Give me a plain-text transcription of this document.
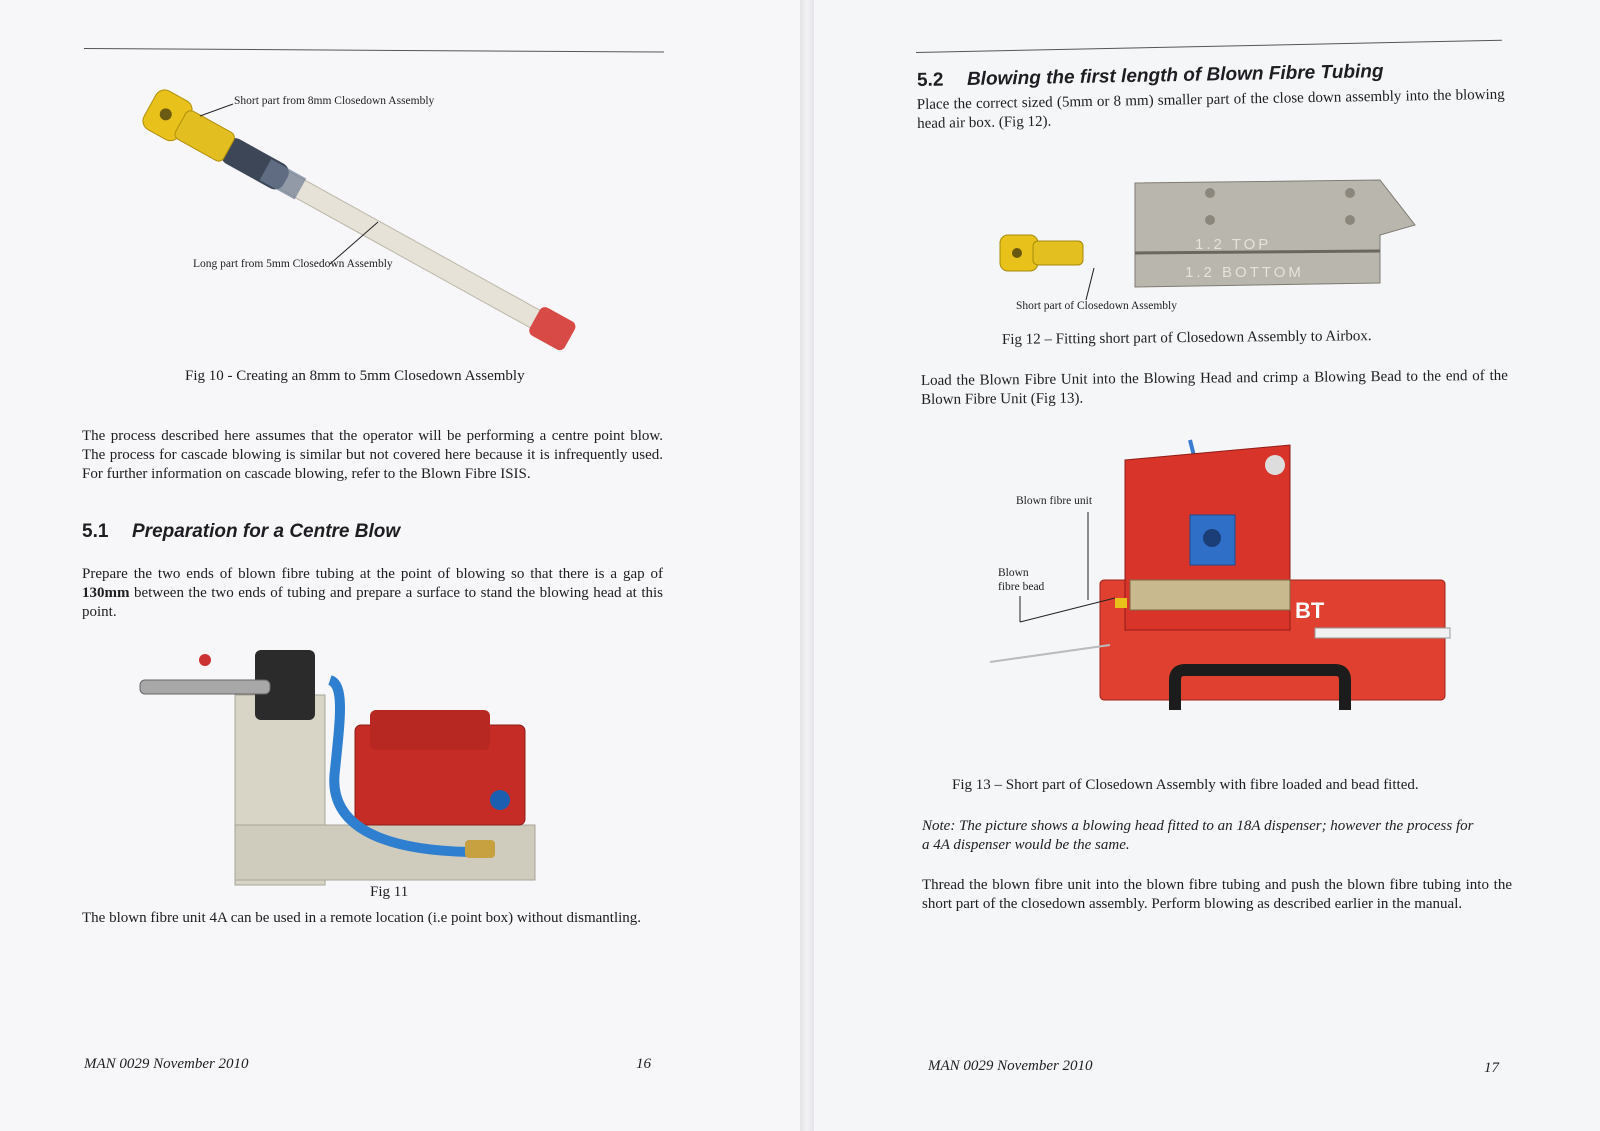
Short part from 8mm Closedown Assembly
Long part from 5mm Closedown Assembly
Fig 10 - Creating an 8mm to 5mm Closedown Assembly

The process described here assumes that the operator will be performing a centre point blow. The process for cascade blowing is similar but not covered here because it is infrequently used. For further information on cascade blowing, refer to the Blown Fibre ISIS.

5.1 Preparation for a Centre Blow

Prepare the two ends of blown fibre tubing at the point of blowing so that there is a gap of 130mm between the two ends of tubing and prepare a surface to stand the blowing head at this point.

Fig 11

The blown fibre unit 4A can be used in a remote location (i.e point box) without dismantling.

MAN 0029 November 2010	16
5.2 Blowing the first length of Blown Fibre Tubing

Place the correct sized (5mm or 8 mm) smaller part of the close down assembly into the blowing head air box. (Fig 12).

1.2 TOP
1.2 BOTTOM
Short part of Closedown Assembly
Fig 12 – Fitting short part of Closedown Assembly to Airbox.

Load the Blown Fibre Unit into the Blowing Head and crimp a Blowing Bead to the end of the Blown Fibre Unit (Fig 13).

BT
Blown fibre unit
Blown
fibre bead
Fig 13 – Short part of Closedown Assembly with fibre loaded and bead fitted.

Note: The picture shows a blowing head fitted to an 18A dispenser; however the process for a 4A dispenser would be the same.

Thread the blown fibre unit into the blown fibre tubing and push the blown fibre tubing into the short part of the closedown assembly. Perform blowing as described earlier in the manual.

MAN 0029 November 2010	17
